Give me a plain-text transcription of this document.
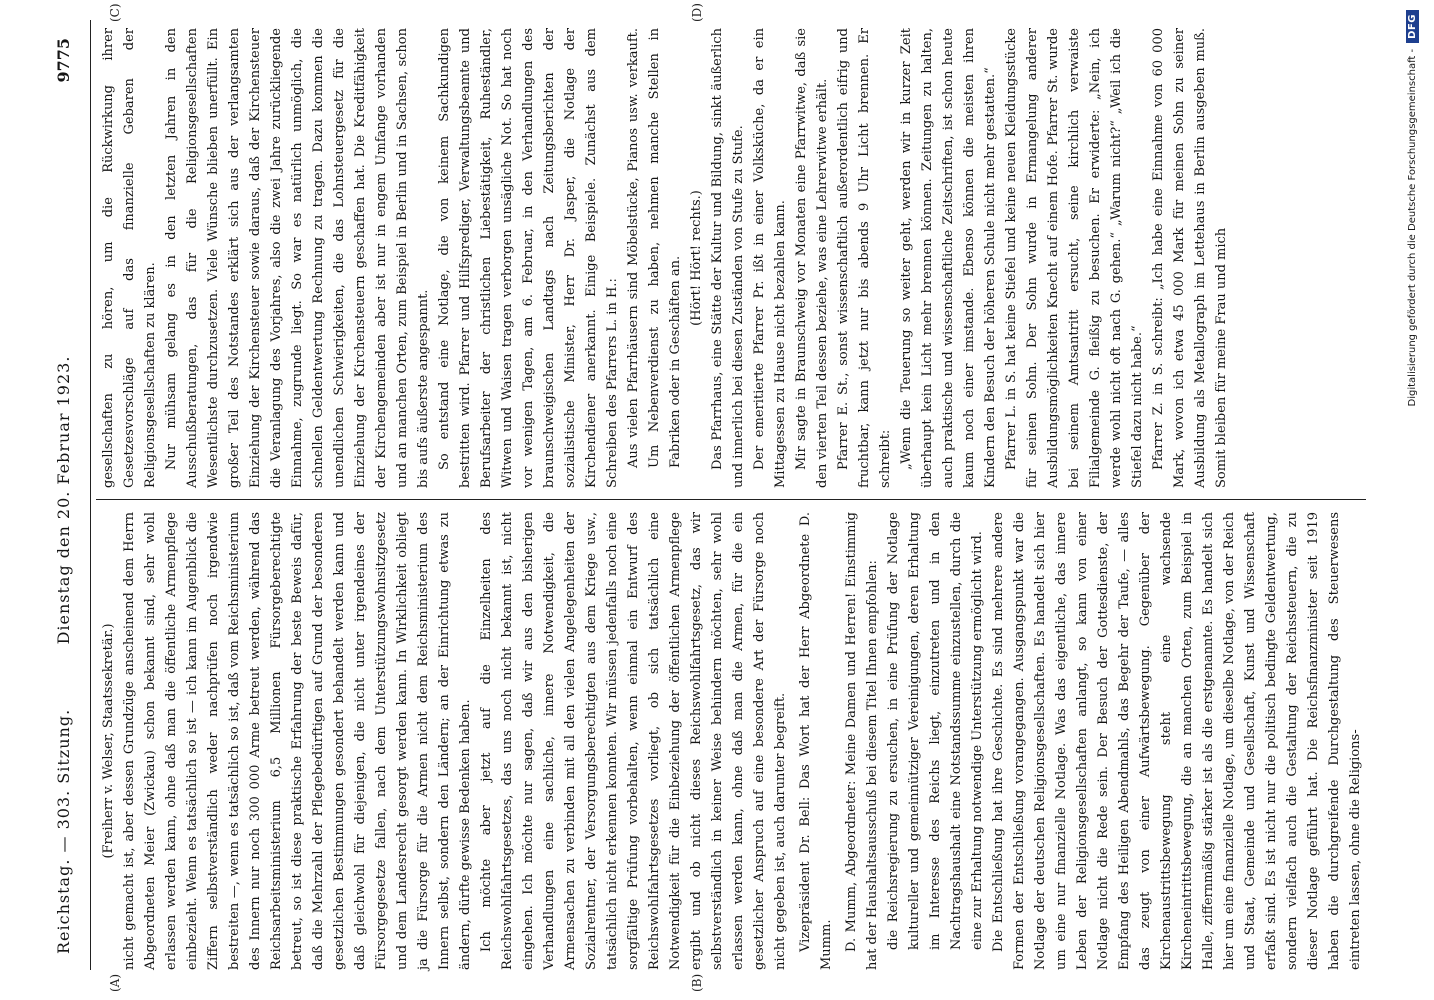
Reichstag. — 303. Sitzung.
Dienstag den 20. Februar 1923.
9775
(A)	(B)
(C)	(D)

(Freiherr v. Welser, Staatssekretär.) nicht gemacht ist, aber dessen Grundzüge anscheinend dem Herrn Abgeordneten Meier (Zwickau) schon bekannt sind, sehr wohl erlassen werden kann, ohne daß man die öffentliche Armenpflege einbezieht. Wenn es tatsächlich so ist — ich kann im Augenblick die Ziffern selbstverständlich weder nachprüfen noch irgendwie bestreiten —, wenn es tatsächlich so ist, daß vom Reichsministerium des Innern nur noch 300 000 Arme betreut werden, während das Reichsarbeitsministerium 6,5 Millionen Fürsorgeberechtigte betreut, so ist diese praktische Erfahrung der beste Beweis dafür, daß die Mehrzahl der Pflegebedürftigen auf Grund der besonderen gesetzlichen Bestimmungen gesondert behandelt werden kann und daß gleichwohl für diejenigen, die nicht unter irgendeines der Fürsorgegesetze fallen, nach dem Unterstützungswohnsitzgesetz und dem Landesrecht gesorgt werden kann. In Wirklichkeit obliegt ja die Fürsorge für die Armen nicht dem Reichsministerium des Innern selbst, sondern den Ländern; an der Einrichtung etwas zu ändern, dürfte gewisse Bedenken haben. Ich möchte aber jetzt auf die Einzelheiten des Reichswohlfahrtsgesetzes, das uns noch nicht bekannt ist, nicht eingehen. Ich möchte nur sagen, daß wir aus den bisherigen Verhandlungen eine sachliche, innere Notwendigkeit, die Armensachen zu verbinden mit all den vielen Angelegenheiten der Sozialrentner, der Versorgungsberechtigten aus dem Kriege usw., tatsächlich nicht erkennen konnten. Wir müssen jedenfalls noch eine sorgfältige Prüfung vorbehalten, wenn einmal ein Entwurf des Reichswohlfahrtsgesetzes vorliegt, ob sich tatsächlich eine Notwendigkeit für die Einbeziehung der öffentlichen Armenpflege ergibt und ob nicht dieses Reichswohlfahrtsgesetz, das wir selbstverständlich in keiner Weise behindern möchten, sehr wohl erlassen werden kann, ohne daß man die Armen, für die ein gesetzlicher Anspruch auf eine besondere Art der Fürsorge noch nicht gegeben ist, auch darunter begreift. Vizepräsident Dr. Bell: Das Wort hat der Herr Abgeordnete D. Mumm. D. Mumm, Abgeordneter: Meine Damen und Herren! Einstimmig hat der Haushaltsausschuß bei diesem Titel Ihnen empfohlen: die Reichsregierung zu ersuchen, in eine Prüfung der Notlage kultureller und gemeinnütziger Vereinigungen, deren Erhaltung im Interesse des Reichs liegt, einzutreten und in den Nachtragshaushalt eine Notstandssumme einzustellen, durch die eine zur Erhaltung notwendige Unterstützung ermöglicht wird. Die Entschließung hat ihre Geschichte. Es sind mehrere andere Formen der Entschließung vorangegangen. Ausgangspunkt war die Notlage der deutschen Religionsgesellschaften. Es handelt sich hier um eine nur finanzielle Notlage. Was das eigentliche, das innere Leben der Religionsgesellschaften anlangt, so kann von einer Notlage nicht die Rede sein. Der Besuch der Gottesdienste, der Empfang des Heiligen Abendmahls, das Begehr der Taufe, — alles das zeugt von einer Aufwärtsbewegung. Gegenüber der Kirchenaustrittsbewegung steht eine wachsende Kircheneintrittsbewegung, die an manchen Orten, zum Beispiel in Halle, ziffernmäßig stärker ist als die erstgenannte. Es handelt sich hier um eine finanzielle Notlage, um dieselbe Notlage, von der Reich und Staat, Gemeinde und Gesellschaft, Kunst und Wissenschaft erfaßt sind. Es ist nicht nur die politisch bedingte Geldentwertung, sondern vielfach auch die Gestaltung der Reichssteuern, die zu dieser Notlage geführt hat. Die Reichsfinanzminister seit 1919 haben die durchgreifende Durchgestaltung des Steuerwesens eintreten lassen, ohne die Religions-

gesellschaften zu hören, um die Rückwirkung ihrer Gesetzesvorschläge auf das finanzielle Gebaren der Religionsgesellschaften zu klären. Nur mühsam gelang es in den letzten Jahren in den Ausschußberatungen, das für die Religionsgesellschaften Wesentlichste durchzusetzen. Viele Wünsche blieben unerfüllt. Ein großer Teil des Notstandes erklärt sich aus der verlangsamten Einziehung der Kirchensteuer sowie daraus, daß der Kirchensteuer die Veranlagung des Vorjahres, also die zwei Jahre zurückliegende Einnahme, zugrunde liegt. So war es natürlich unmöglich, die schnellen Geldentwertung Rechnung zu tragen. Dazu kommen die unendlichen Schwierigkeiten, die das Lohnsteuergesetz für die Einziehung der Kirchensteuern geschaffen hat. Die Kreditfähigkeit der Kirchengemeinden aber ist nur in engem Umfange vorhanden und an manchen Orten, zum Beispiel in Berlin und in Sachsen, schon bis aufs äußerste angespannt. So entstand eine Notlage, die von keinem Sachkundigen bestritten wird. Pfarrer und Hilfsprediger, Verwaltungsbeamte und Berufsarbeiter der christlichen Liebestätigkeit, Ruheständler, Witwen und Waisen tragen verborgen unsägliche Not. So hat noch vor wenigen Tagen, am 6. Februar, in den Verhandlungen des braunschweigischen Landtags nach Zeitungsberichten der sozialistische Minister, Herr Dr. Jasper, die Notlage der Kirchendiener anerkannt. Einige Beispiele. Zunächst aus dem Schreiben des Pfarrers L. in H.: Aus vielen Pfarrhäusern sind Möbelstücke, Pianos usw. verkauft. Um Nebenverdienst zu haben, nehmen manche Stellen in Fabriken oder in Geschäften an. (Hört! Hört! rechts.) Das Pfarrhaus, eine Stätte der Kultur und Bildung, sinkt äußerlich und innerlich bei diesen Zuständen von Stufe zu Stufe. Der emeritierte Pfarrer Pr. ißt in einer Volksküche, da er ein Mittagessen zu Hause nicht bezahlen kann. Mir sagte in Braunschweig vor Monaten eine Pfarrwitwe, daß sie den vierten Teil dessen beziehe, was eine Lehrerwitwe erhält. Pfarrer E. St., sonst wissenschaftlich außerordentlich eifrig und fruchtbar, kann jetzt nur bis abends 9 Uhr Licht brennen. Er schreibt: „Wenn die Teuerung so weiter geht, werden wir in kurzer Zeit überhaupt kein Licht mehr brennen können. Zeitungen zu halten, auch praktische und wissenschaftliche Zeitschriften, ist schon heute kaum noch einer imstande. Ebenso können die meisten ihren Kindern den Besuch der höheren Schule nicht mehr gestatten.“ Pfarrer L. in S. hat keine Stiefel und keine neuen Kleidungsstücke für seinen Sohn. Der Sohn wurde in Ermangelung anderer Ausbildungsmöglichkeiten Knecht auf einem Hofe. Pfarrer St. wurde bei seinem Amtsantritt ersucht, seine kirchlich verwaiste Filialgemeinde G. fleißig zu besuchen. Er erwiderte: „Nein, ich werde wohl nicht oft nach G. gehen.“ „Warum nicht?“ „Weil ich die Stiefel dazu nicht habe.“ Pfarrer Z. in S. schreibt: „Ich habe eine Einnahme von 60 000 Mark, wovon ich etwa 45 000 Mark für meinen Sohn zu seiner Ausbildung als Metallograph im Lettehaus in Berlin ausgeben muß. Somit bleiben für meine Frau und mich	Digitalisierung gefördert durch die Deutsche Forschungsgemeinschaft -
DFG
